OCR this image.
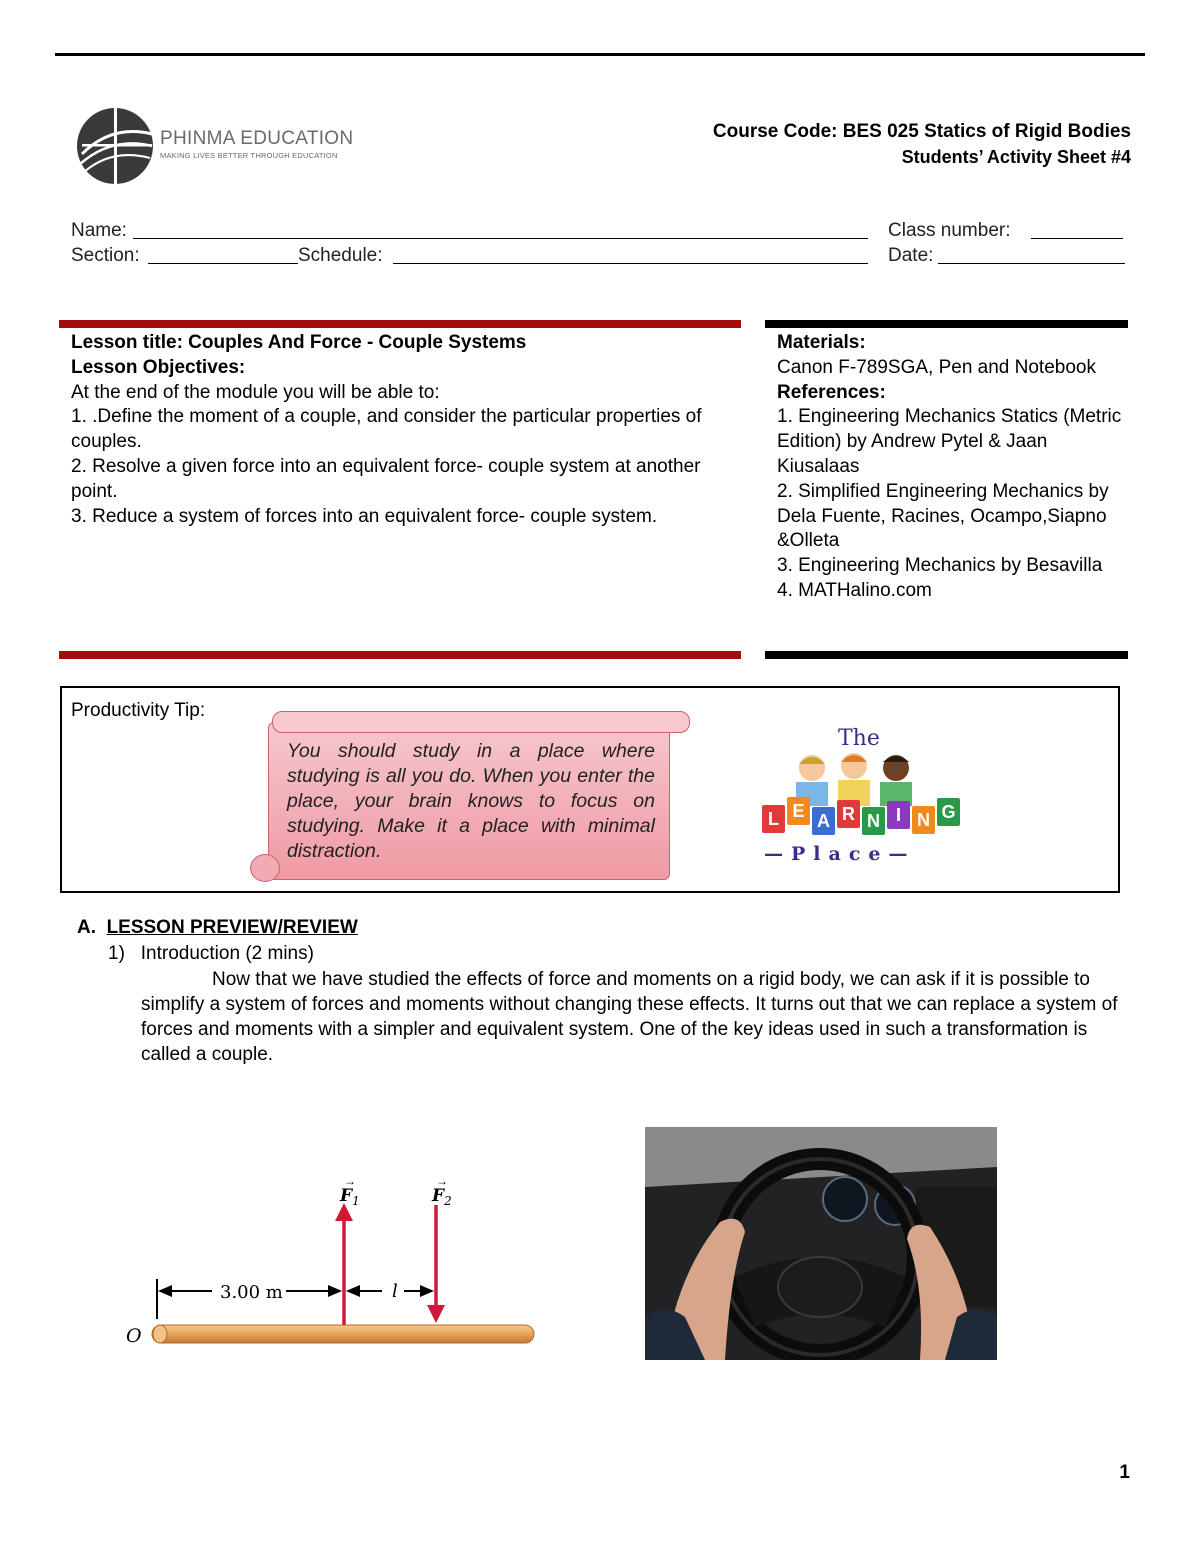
PHINMA EDUCATION
MAKING LIVES BETTER THROUGH EDUCATION
Course Code: BES 025 Statics of Rigid Bodies
Students’ Activity Sheet #4
Name:	Class number:
Section:	Schedule:	Date:
Lesson title: Couples And Force - Couple Systems
Lesson Objectives:
At the end of the module you will be able to:
1. .Define the moment of a couple, and consider the particular properties of couples.
2. Resolve a given force into an equivalent force- couple system at another point.
3. Reduce a system of forces into an equivalent force- couple system.
Materials:
Canon F-789SGA, Pen and Notebook
References:
1. Engineering Mechanics Statics (Metric Edition) by Andrew Pytel & Jaan Kiusalaas
2. Simplified Engineering Mechanics by Dela Fuente, Racines, Ocampo,Siapno &Olleta
3. Engineering Mechanics by Besavilla
4. MATHalino.com
Productivity Tip:
You should study in a place where studying is all you do. When you enter the place, your brain knows to focus on studying. Make it a place with minimal distraction.
The
L E A R N I N G
—Place—
A. LESSON PREVIEW/REVIEW
1) Introduction (2 mins)
Now that we have studied the effects of force and moments on a rigid body, we can ask if it is possible to simplify a system of forces and moments without changing these effects. It turns out that we can replace a system of forces and moments with a simpler and equivalent system. One of the key ideas used in such a transformation is called a couple.
O
$F_1$
→
$F_2$
→
3.00 m	l
1
